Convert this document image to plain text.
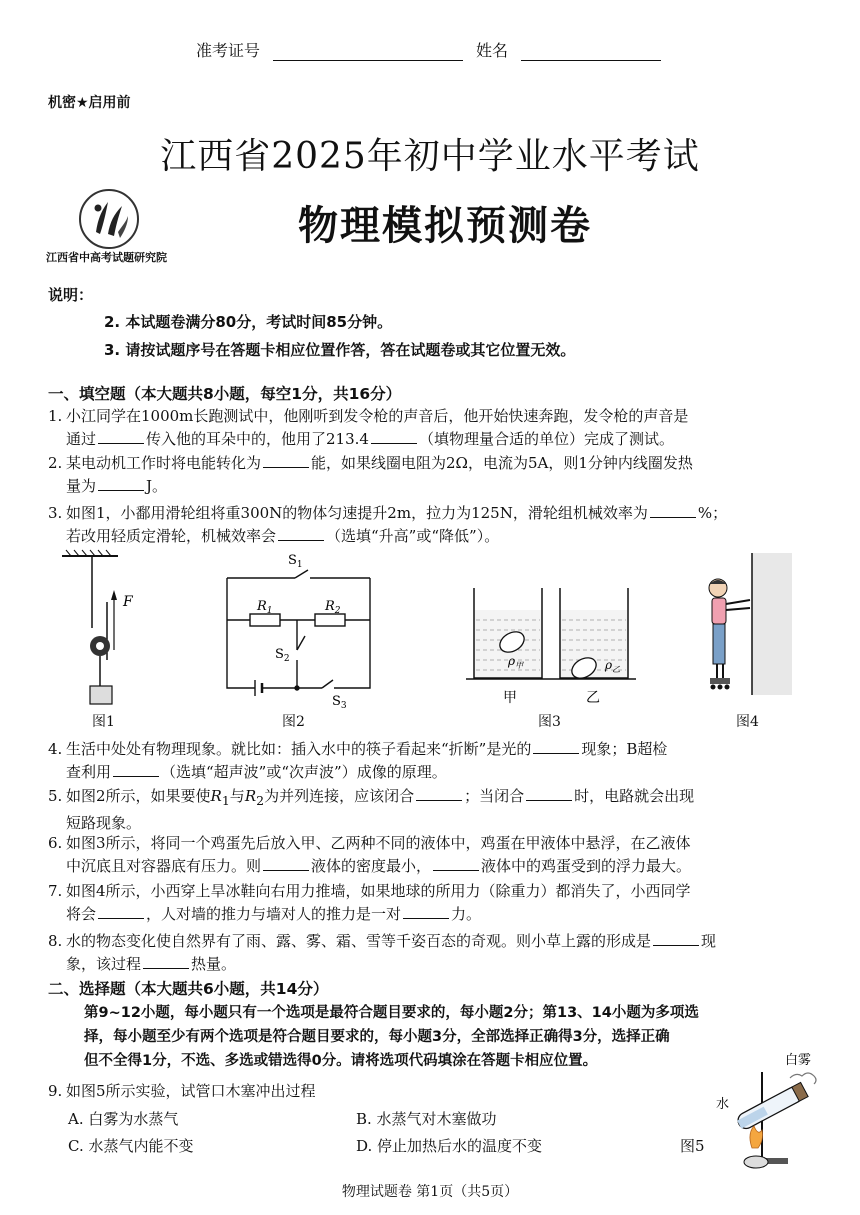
准考证号	姓名
机密★启用前
江西省2025年初中学业水平考试
江西省中高考试题研究院
物理模拟预测卷
说明：
2. 本试题卷满分80分，考试时间85分钟。
3. 请按试题序号在答题卡相应位置作答，答在试题卷或其它位置无效。
一、填空题（本大题共8小题，每空1分，共16分）
1. 小江同学在1000m长跑测试中，他刚听到发令枪的声音后，他开始快速奔跑，发令枪的声音是
通过	传入他的耳朵中的，他用了213.4	（填物理量合适的单位）完成了测试。
2. 某电动机工作时将电能转化为	能，如果线圈电阻为2Ω，电流为5A，则1分钟内线圈发热
量为	J。
3. 如图1，小鄱用滑轮组将重300N的物体匀速提升2m，拉力为125N，滑轮组机械效率为	%；
若改用轻质定滑轮，机械效率会	（选填“升高”或“降低”）。
F
$S_1$
$R_1$	$R_2$
$S_2$
$S_3$
$\rho_甲$	$\rho_乙$
甲	乙
图1	图2	图3	图4
4. 生活中处处有物理现象。就比如：插入水中的筷子看起来“折断”是光的	现象；B超检
查利用	（选填“超声波”或“次声波”）成像的原理。
5. 如图2所示，如果要使$R_1$与$R_2$为并列连接，应该闭合	；当闭合	时，电路就会出现
短路现象。
6. 如图3所示，将同一个鸡蛋先后放入甲、乙两种不同的液体中，鸡蛋在甲液体中悬浮，在乙液体
中沉底且对容器底有压力。则	液体的密度最小，	液体中的鸡蛋受到的浮力最大。
7. 如图4所示，小西穿上旱冰鞋向右用力推墙，如果地球的所用力（除重力）都消失了，小西同学
将会	，人对墙的推力与墙对人的推力是一对	力。
8. 水的物态变化使自然界有了雨、露、雾、霜、雪等千姿百态的奇观。则小草上露的形成是	现
象，该过程	热量。
二、选择题（本大题共6小题，共14分）
第9~12小题，每小题只有一个选项是最符合题目要求的，每小题2分；第13、14小题为多项选
择，每小题至少有两个选项是符合题目要求的，每小题3分，全部选择正确得3分，选择正确
但不全得1分，不选、多选或错选得0分。请将选项代码填涂在答题卡相应位置。
9. 如图5所示实验，试管口木塞冲出过程
A. 白雾为水蒸气	B. 水蒸气对木塞做功
C. 水蒸气内能不变	D. 停止加热后水的温度不变	图5
白雾
水
物理试题卷 第1页（共5页）
